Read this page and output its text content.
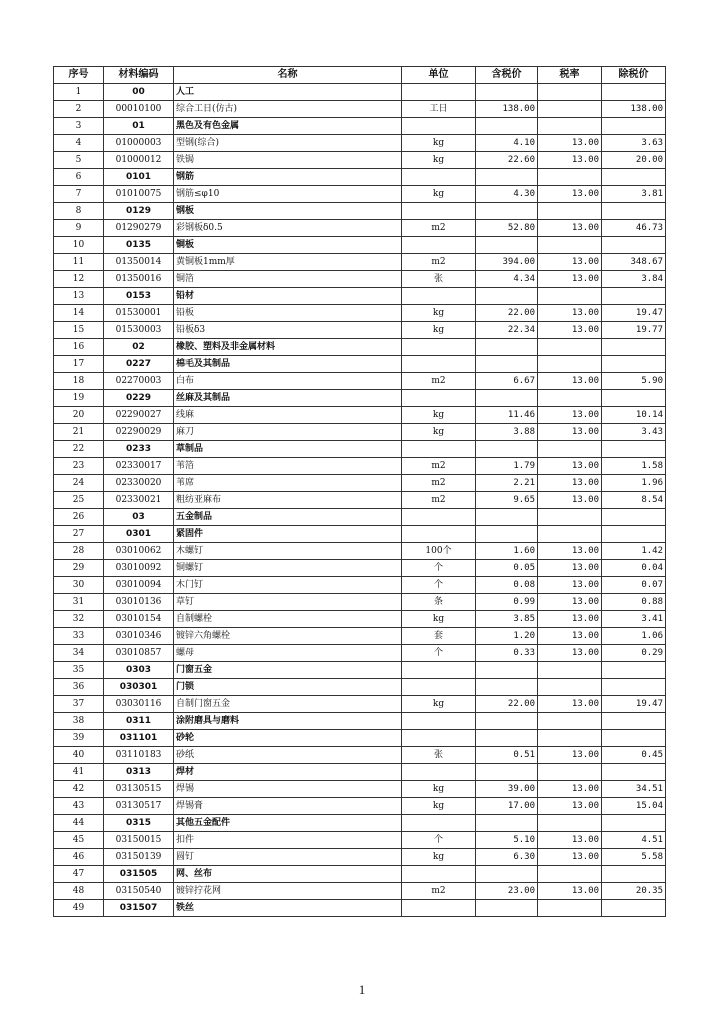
序号	材料编码	名称	单位	含税价	税率	除税价
1	00	人工				
2	00010100	综合工日(仿古)	工日	138.00		138.00
3	01	黑色及有色金属				
4	01000003	型钢(综合)	kg	4.10	13.00	3.63
5	01000012	铁锔	kg	22.60	13.00	20.00
6	0101	钢筋				
7	01010075	钢筋≤φ10	kg	4.30	13.00	3.81
8	0129	钢板				
9	01290279	彩钢板δ0.5	m2	52.80	13.00	46.73
10	0135	铜板				
11	01350014	黄铜板1mm厚	m2	394.00	13.00	348.67
12	01350016	铜箔	张	4.34	13.00	3.84
13	0153	铅材				
14	01530001	铅板	kg	22.00	13.00	19.47
15	01530003	铅板δ3	kg	22.34	13.00	19.77
16	02	橡胶、塑料及非金属材料				
17	0227	棉毛及其制品				
18	02270003	白布	m2	6.67	13.00	5.90
19	0229	丝麻及其制品				
20	02290027	线麻	kg	11.46	13.00	10.14
21	02290029	麻刀	kg	3.88	13.00	3.43
22	0233	草制品				
23	02330017	苇箔	m2	1.79	13.00	1.58
24	02330020	苇席	m2	2.21	13.00	1.96
25	02330021	粗纺亚麻布	m2	9.65	13.00	8.54
26	03	五金制品				
27	0301	紧固件				
28	03010062	木螺钉	100个	1.60	13.00	1.42
29	03010092	铜螺钉	个	0.05	13.00	0.04
30	03010094	木门钉	个	0.08	13.00	0.07
31	03010136	草钉	条	0.99	13.00	0.88
32	03010154	自制螺栓	kg	3.85	13.00	3.41
33	03010346	镀锌六角螺栓	套	1.20	13.00	1.06
34	03010857	螺母	个	0.33	13.00	0.29
35	0303	门窗五金				
36	030301	门锁				
37	03030116	自制门窗五金	kg	22.00	13.00	19.47
38	0311	涂附磨具与磨料				
39	031101	砂轮				
40	03110183	砂纸	张	0.51	13.00	0.45
41	0313	焊材				
42	03130515	焊锡	kg	39.00	13.00	34.51
43	03130517	焊锡膏	kg	17.00	13.00	15.04
44	0315	其他五金配件				
45	03150015	扣件	个	5.10	13.00	4.51
46	03150139	圆钉	kg	6.30	13.00	5.58
47	031505	网、丝布				
48	03150540	镀锌拧花网	m2	23.00	13.00	20.35
49	031507	铁丝				
1
